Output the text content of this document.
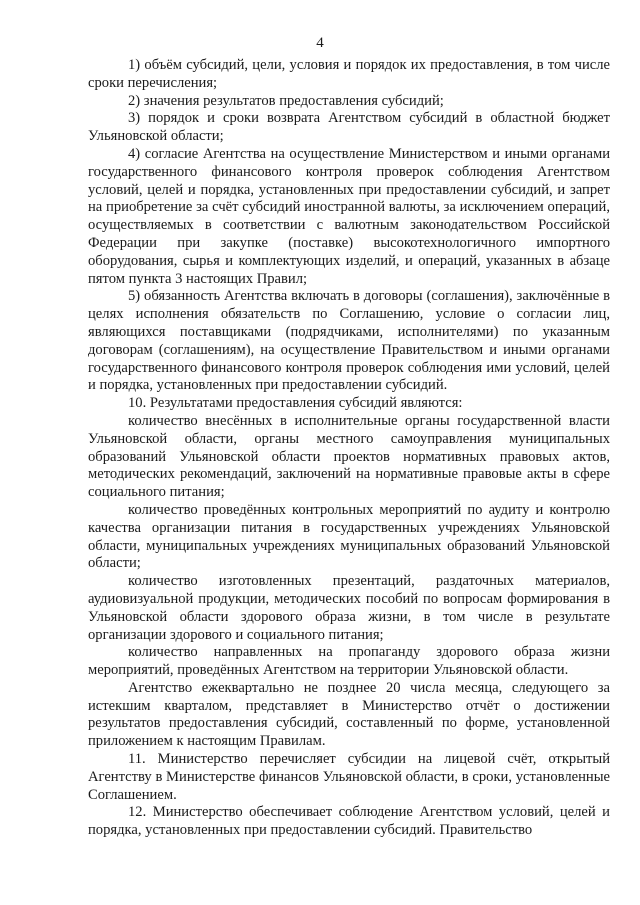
4

1) объём субсидий, цели, условия и порядок их предоставления, в том числе сроки перечисления;

2) значения результатов предоставления субсидий;

3) порядок и сроки возврата Агентством субсидий в областной бюджет Ульяновской области;

4) согласие Агентства на осуществление Министерством и иными органами государственного финансового контроля проверок соблюдения Агентством условий, целей и порядка, установленных при предоставлении субсидий, и запрет на приобретение за счёт субсидий иностранной валюты, за исключением операций, осуществляемых в соответствии с валютным законодательством Российской Федерации при закупке (поставке) высокотехнологичного импортного оборудования, сырья и комплектующих изделий, и операций, указанных в абзаце пятом пункта 3 настоящих Правил;

5) обязанность Агентства включать в договоры (соглашения), заключённые в целях исполнения обязательств по Соглашению, условие о согласии лиц, являющихся поставщиками (подрядчиками, исполнителями) по указанным договорам (соглашениям), на осуществление Правительством и иными органами государственного финансового контроля проверок соблюдения ими условий, целей и порядка, установленных при предоставлении субсидий.

10. Результатами предоставления субсидий являются:

количество внесённых в исполнительные органы государственной власти Ульяновской области, органы местного самоуправления муниципальных образований Ульяновской области проектов нормативных правовых актов, методических рекомендаций, заключений на нормативные правовые акты в сфере социального питания;

количество проведённых контрольных мероприятий по аудиту и контролю качества организации питания в государственных учреждениях Ульяновской области, муниципальных учреждениях муниципальных образований Ульяновской области;

количество изготовленных презентаций, раздаточных материалов, аудиовизуальной продукции, методических пособий по вопросам формирования в Ульяновской области здорового образа жизни, в том числе в результате организации здорового и социального питания;

количество направленных на пропаганду здорового образа жизни мероприятий, проведённых Агентством на территории Ульяновской области.

Агентство ежеквартально не позднее 20 числа месяца, следующего за истекшим кварталом, представляет в Министерство отчёт о достижении результатов предоставления субсидий, составленный по форме, установленной приложением к настоящим Правилам.

11. Министерство перечисляет субсидии на лицевой счёт, открытый Агентству в Министерстве финансов Ульяновской области, в сроки, установленные Соглашением.

12. Министерство обеспечивает соблюдение Агентством условий, целей и порядка, установленных при предоставлении субсидий. Правительство
